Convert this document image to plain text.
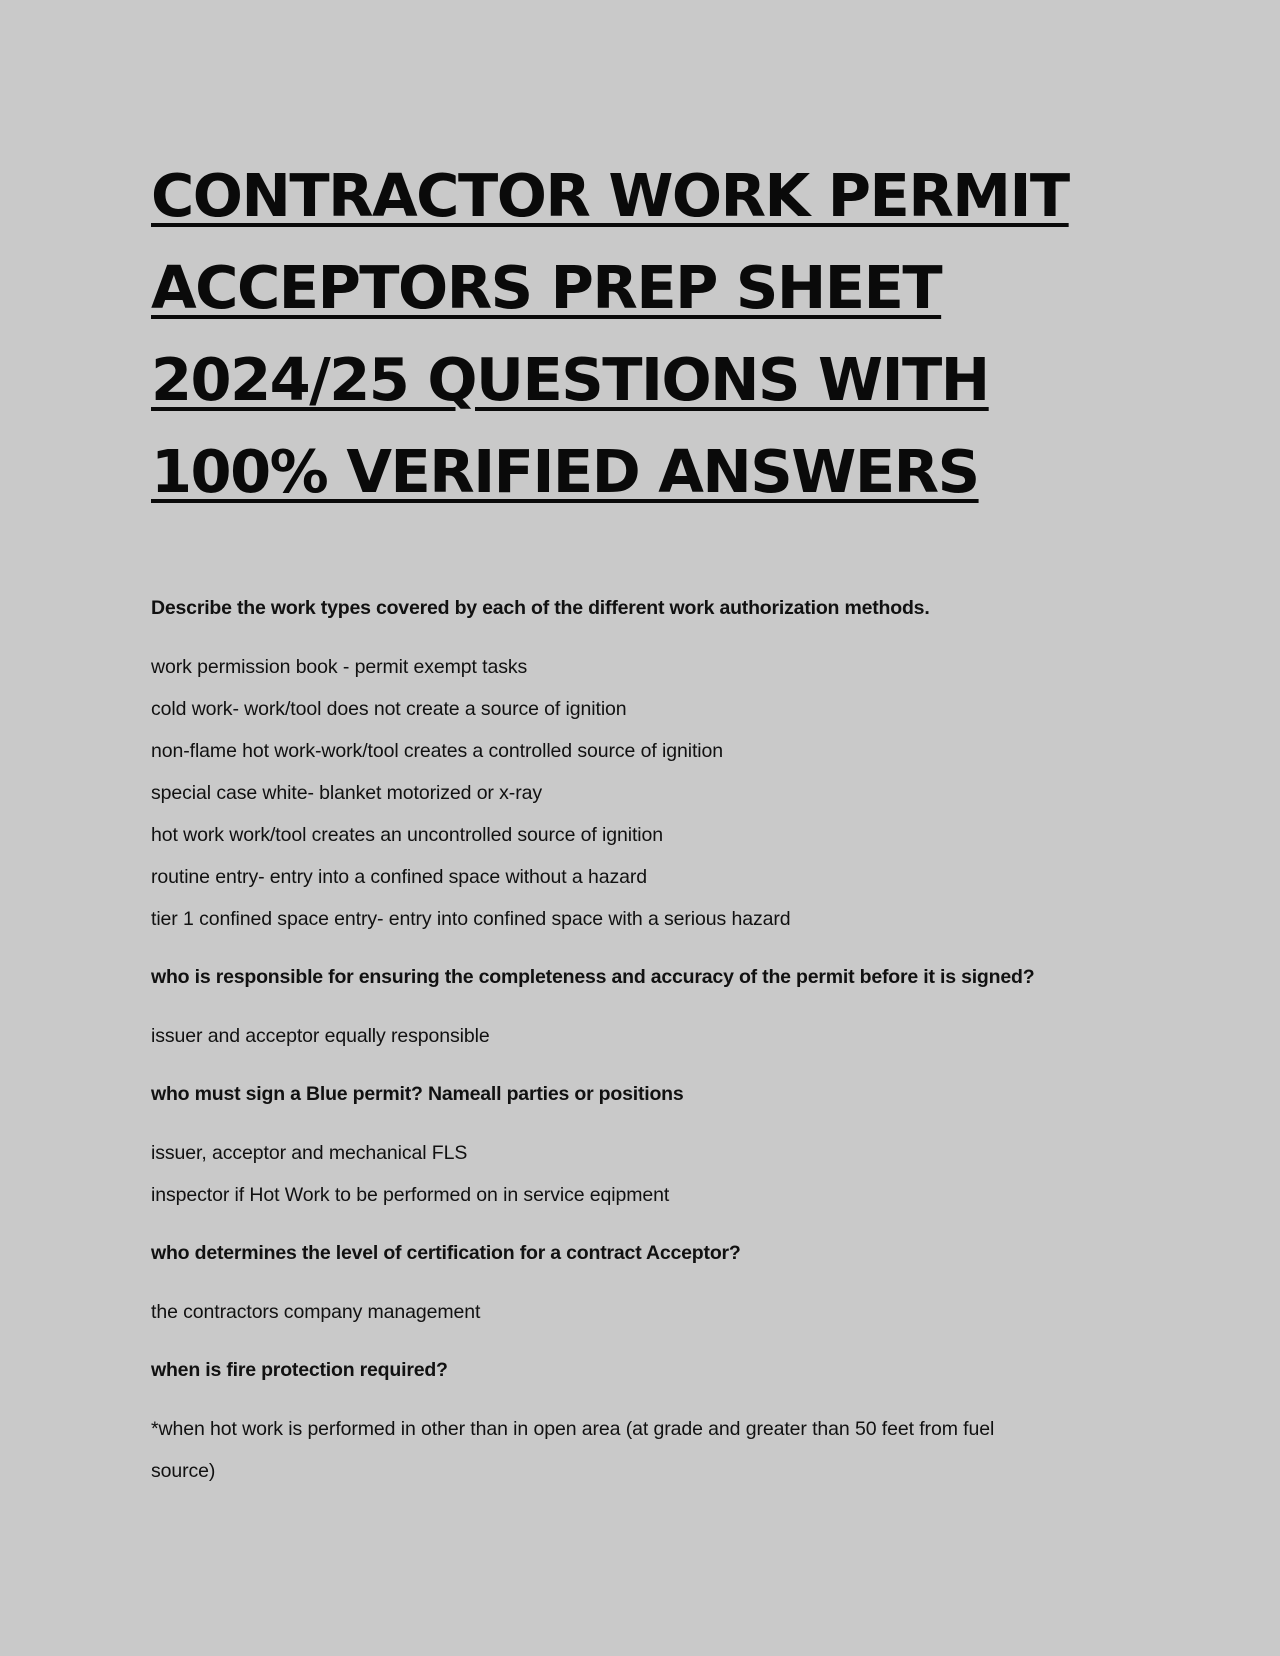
CONTRACTOR WORK PERMIT
ACCEPTORS PREP SHEET
2024/25 QUESTIONS WITH
100% VERIFIED ANSWERS

Describe the work types covered by each of the different work authorization methods.

work permission book - permit exempt tasks

cold work- work/tool does not create a source of ignition

non-flame hot work-work/tool creates a controlled source of ignition

special case white- blanket motorized or x-ray

hot work work/tool creates an uncontrolled source of ignition

routine entry- entry into a confined space without a hazard

tier 1 confined space entry- entry into confined space with a serious hazard

who is responsible for ensuring the completeness and accuracy of the permit before it is signed?

issuer and acceptor equally responsible

who must sign a Blue permit? Nameall parties or positions

issuer, acceptor and mechanical FLS

inspector if Hot Work to be performed on in service eqipment

who determines the level of certification for a contract Acceptor?

the contractors company management

when is fire protection required?

*when hot work is performed in other than in open area (at grade and greater than 50 feet from fuel

source)
